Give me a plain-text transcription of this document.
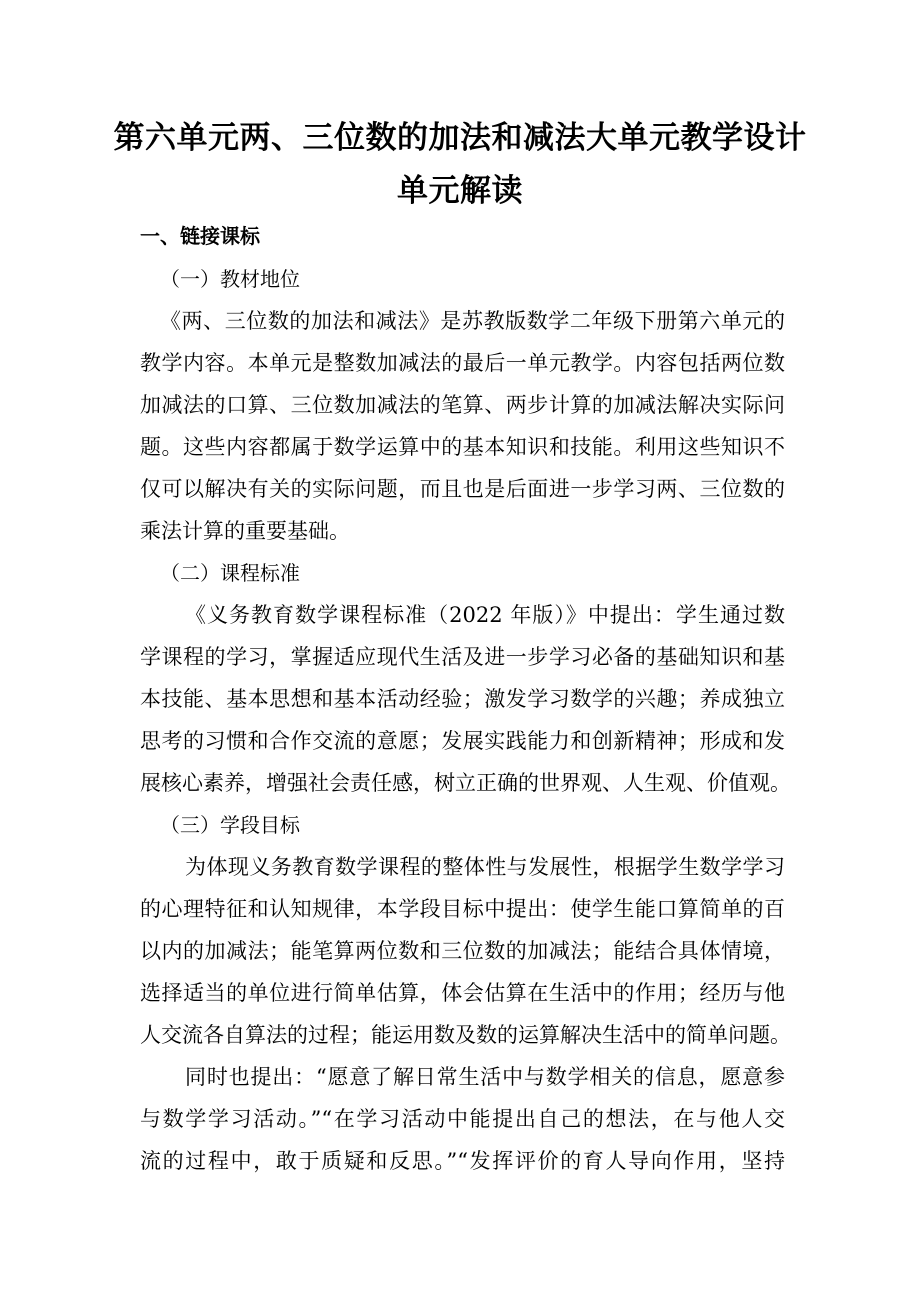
第六单元两、三位数的加法和减法大单元教学设计
单元解读
一、链接课标
（一）教材地位
《两、三位数的加法和减法》是苏教版数学二年级下册第六单元的
教学内容。本单元是整数加减法的最后一单元教学。内容包括两位数
加减法的口算、三位数加减法的笔算、两步计算的加减法解决实际问
题。这些内容都属于数学运算中的基本知识和技能。利用这些知识不
仅可以解决有关的实际问题，而且也是后面进一步学习两、三位数的
乘法计算的重要基础。
（二）课程标准
《义务教育数学课程标准（2022 年版）》中提出：学生通过数
学课程的学习，掌握适应现代生活及进一步学习必备的基础知识和基
本技能、基本思想和基本活动经验；激发学习数学的兴趣；养成独立
思考的习惯和合作交流的意愿；发展实践能力和创新精神；形成和发
展核心素养，增强社会责任感，树立正确的世界观、人生观、价值观。
（三）学段目标
为体现义务教育数学课程的整体性与发展性，根据学生数学学习
的心理特征和认知规律，本学段目标中提出：使学生能口算简单的百
以内的加减法；能笔算两位数和三位数的加减法；能结合具体情境，
选择适当的单位进行简单估算，体会估算在生活中的作用；经历与他
人交流各自算法的过程；能运用数及数的运算解决生活中的简单问题。
同时也提出：“愿意了解日常生活中与数学相关的信息，愿意参
与数学学习活动。”“在学习活动中能提出自己的想法，在与他人交
流的过程中，敢于质疑和反思。”“发挥评价的育人导向作用，坚持
